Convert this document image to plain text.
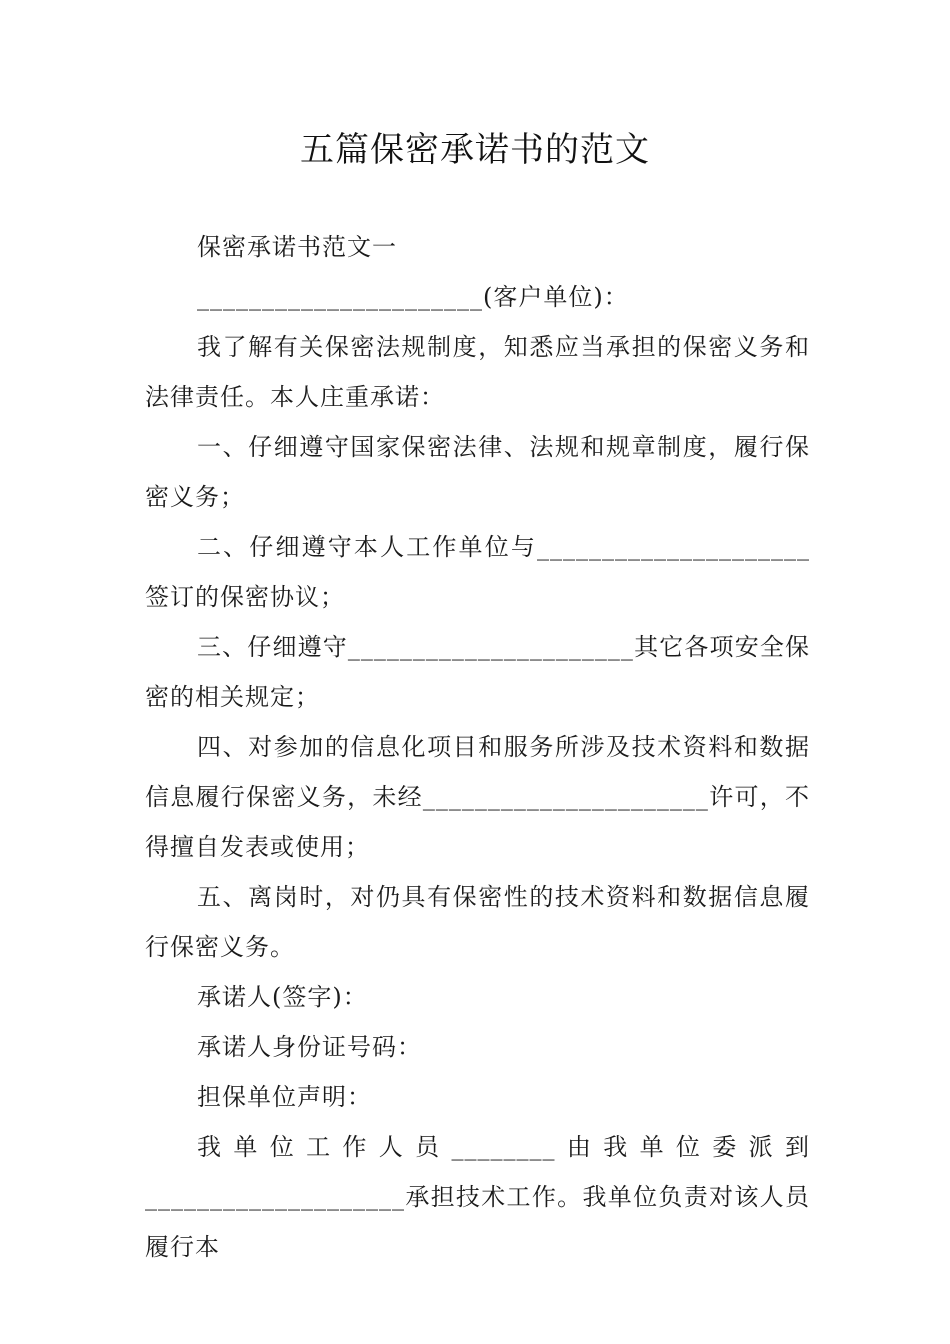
五篇保密承诺书的范文

保密承诺书范文一

______________________(客户单位)：

我了解有关保密法规制度，知悉应当承担的保密义务和法律责任。本人庄重承诺：

一、仔细遵守国家保密法律、法规和规章制度，履行保密义务；

二、仔细遵守本人工作单位与_____________________签订的保密协议；

三、仔细遵守______________________其它各项安全保密的相关规定；

四、对参加的信息化项目和服务所涉及技术资料和数据信息履行保密义务，未经______________________许可，不得擅自发表或使用；

五、离岗时，对仍具有保密性的技术资料和数据信息履行保密义务。

承诺人(签字)：

承诺人身份证号码：

担保单位声明：

我单位工作人员________由我单位委派到____________________承担技术工作。我单位负责对该人员履行本
